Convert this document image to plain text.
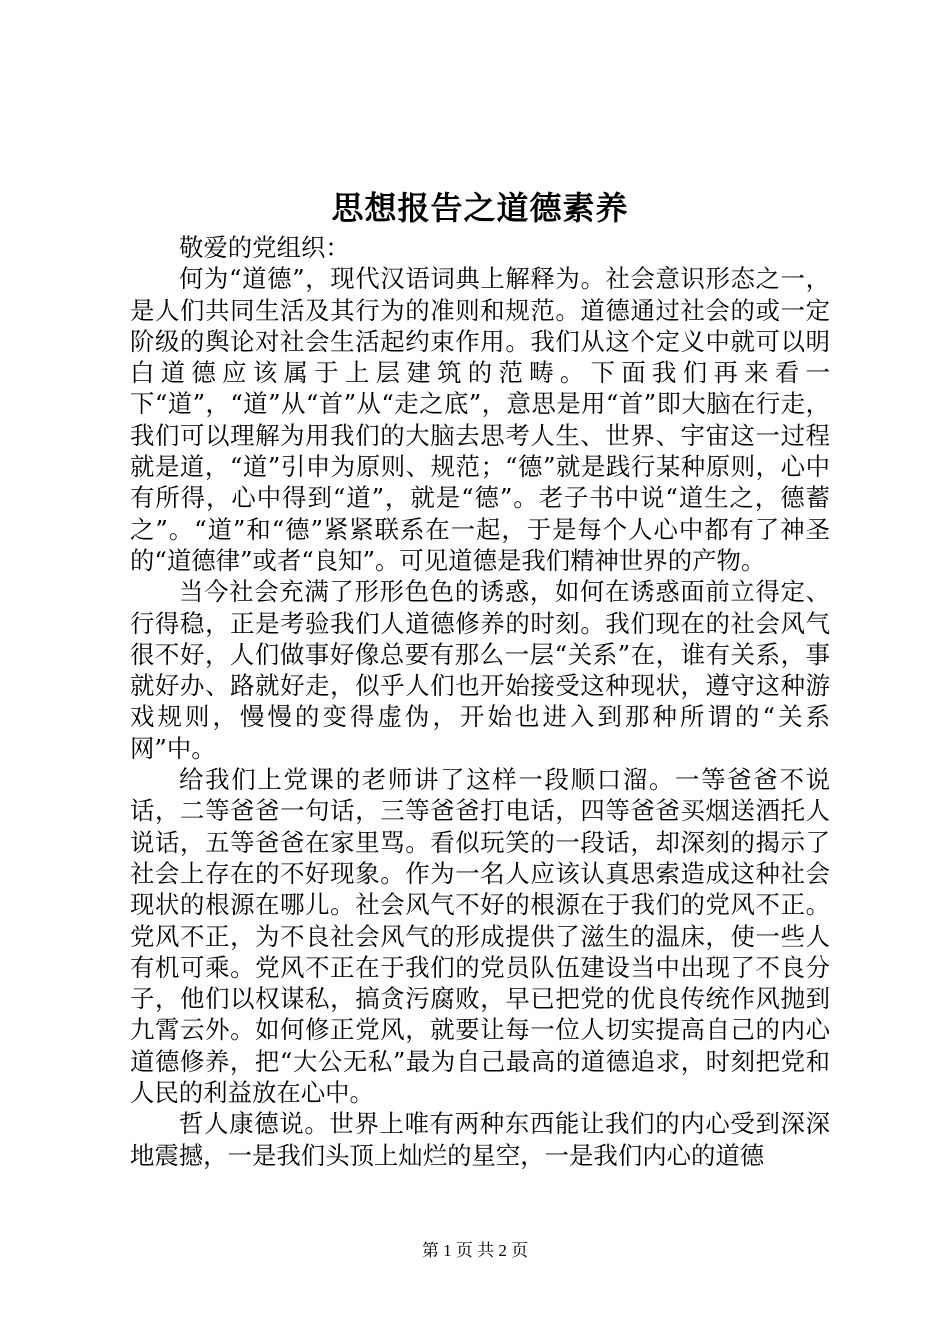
思想报告之道德素养

敬爱的党组织：

何为“道德”，现代汉语词典上解释为。社会意识形态之一，是人们共同生活及其行为的准则和规范。道德通过社会的或一定阶级的舆论对社会生活起约束作用。我们从这个定义中就可以明白道德应该属于上层建筑的范畴。下面我们再来看一下“道”，“道”从“首”从“走之底”，意思是用“首”即大脑在行走，我们可以理解为用我们的大脑去思考人生、世界、宇宙这一过程就是道，“道”引申为原则、规范；“德”就是践行某种原则，心中有所得，心中得到“道”，就是“德”。老子书中说“道生之，德蓄之”。“道”和“德”紧紧联系在一起，于是每个人心中都有了神圣的“道德律”或者“良知”。可见道德是我们精神世界的产物。

当今社会充满了形形色色的诱惑，如何在诱惑面前立得定、行得稳，正是考验我们人道德修养的时刻。我们现在的社会风气很不好，人们做事好像总要有那么一层“关系”在，谁有关系，事就好办、路就好走，似乎人们也开始接受这种现状，遵守这种游戏规则，慢慢的变得虚伪，开始也进入到那种所谓的“关系网”中。

给我们上党课的老师讲了这样一段顺口溜。一等爸爸不说话，二等爸爸一句话，三等爸爸打电话，四等爸爸买烟送酒托人说话，五等爸爸在家里骂。看似玩笑的一段话，却深刻的揭示了社会上存在的不好现象。作为一名人应该认真思索造成这种社会现状的根源在哪儿。社会风气不好的根源在于我们的党风不正。党风不正，为不良社会风气的形成提供了滋生的温床，使一些人有机可乘。党风不正在于我们的党员队伍建设当中出现了不良分子，他们以权谋私，搞贪污腐败，早已把党的优良传统作风抛到九霄云外。如何修正党风，就要让每一位人切实提高自己的内心道德修养，把“大公无私”最为自己最高的道德追求，时刻把党和人民的利益放在心中。

哲人康德说。世界上唯有两种东西能让我们的内心受到深深地震撼，一是我们头顶上灿烂的星空，一是我们内心的道德

第 1 页 共 2 页
